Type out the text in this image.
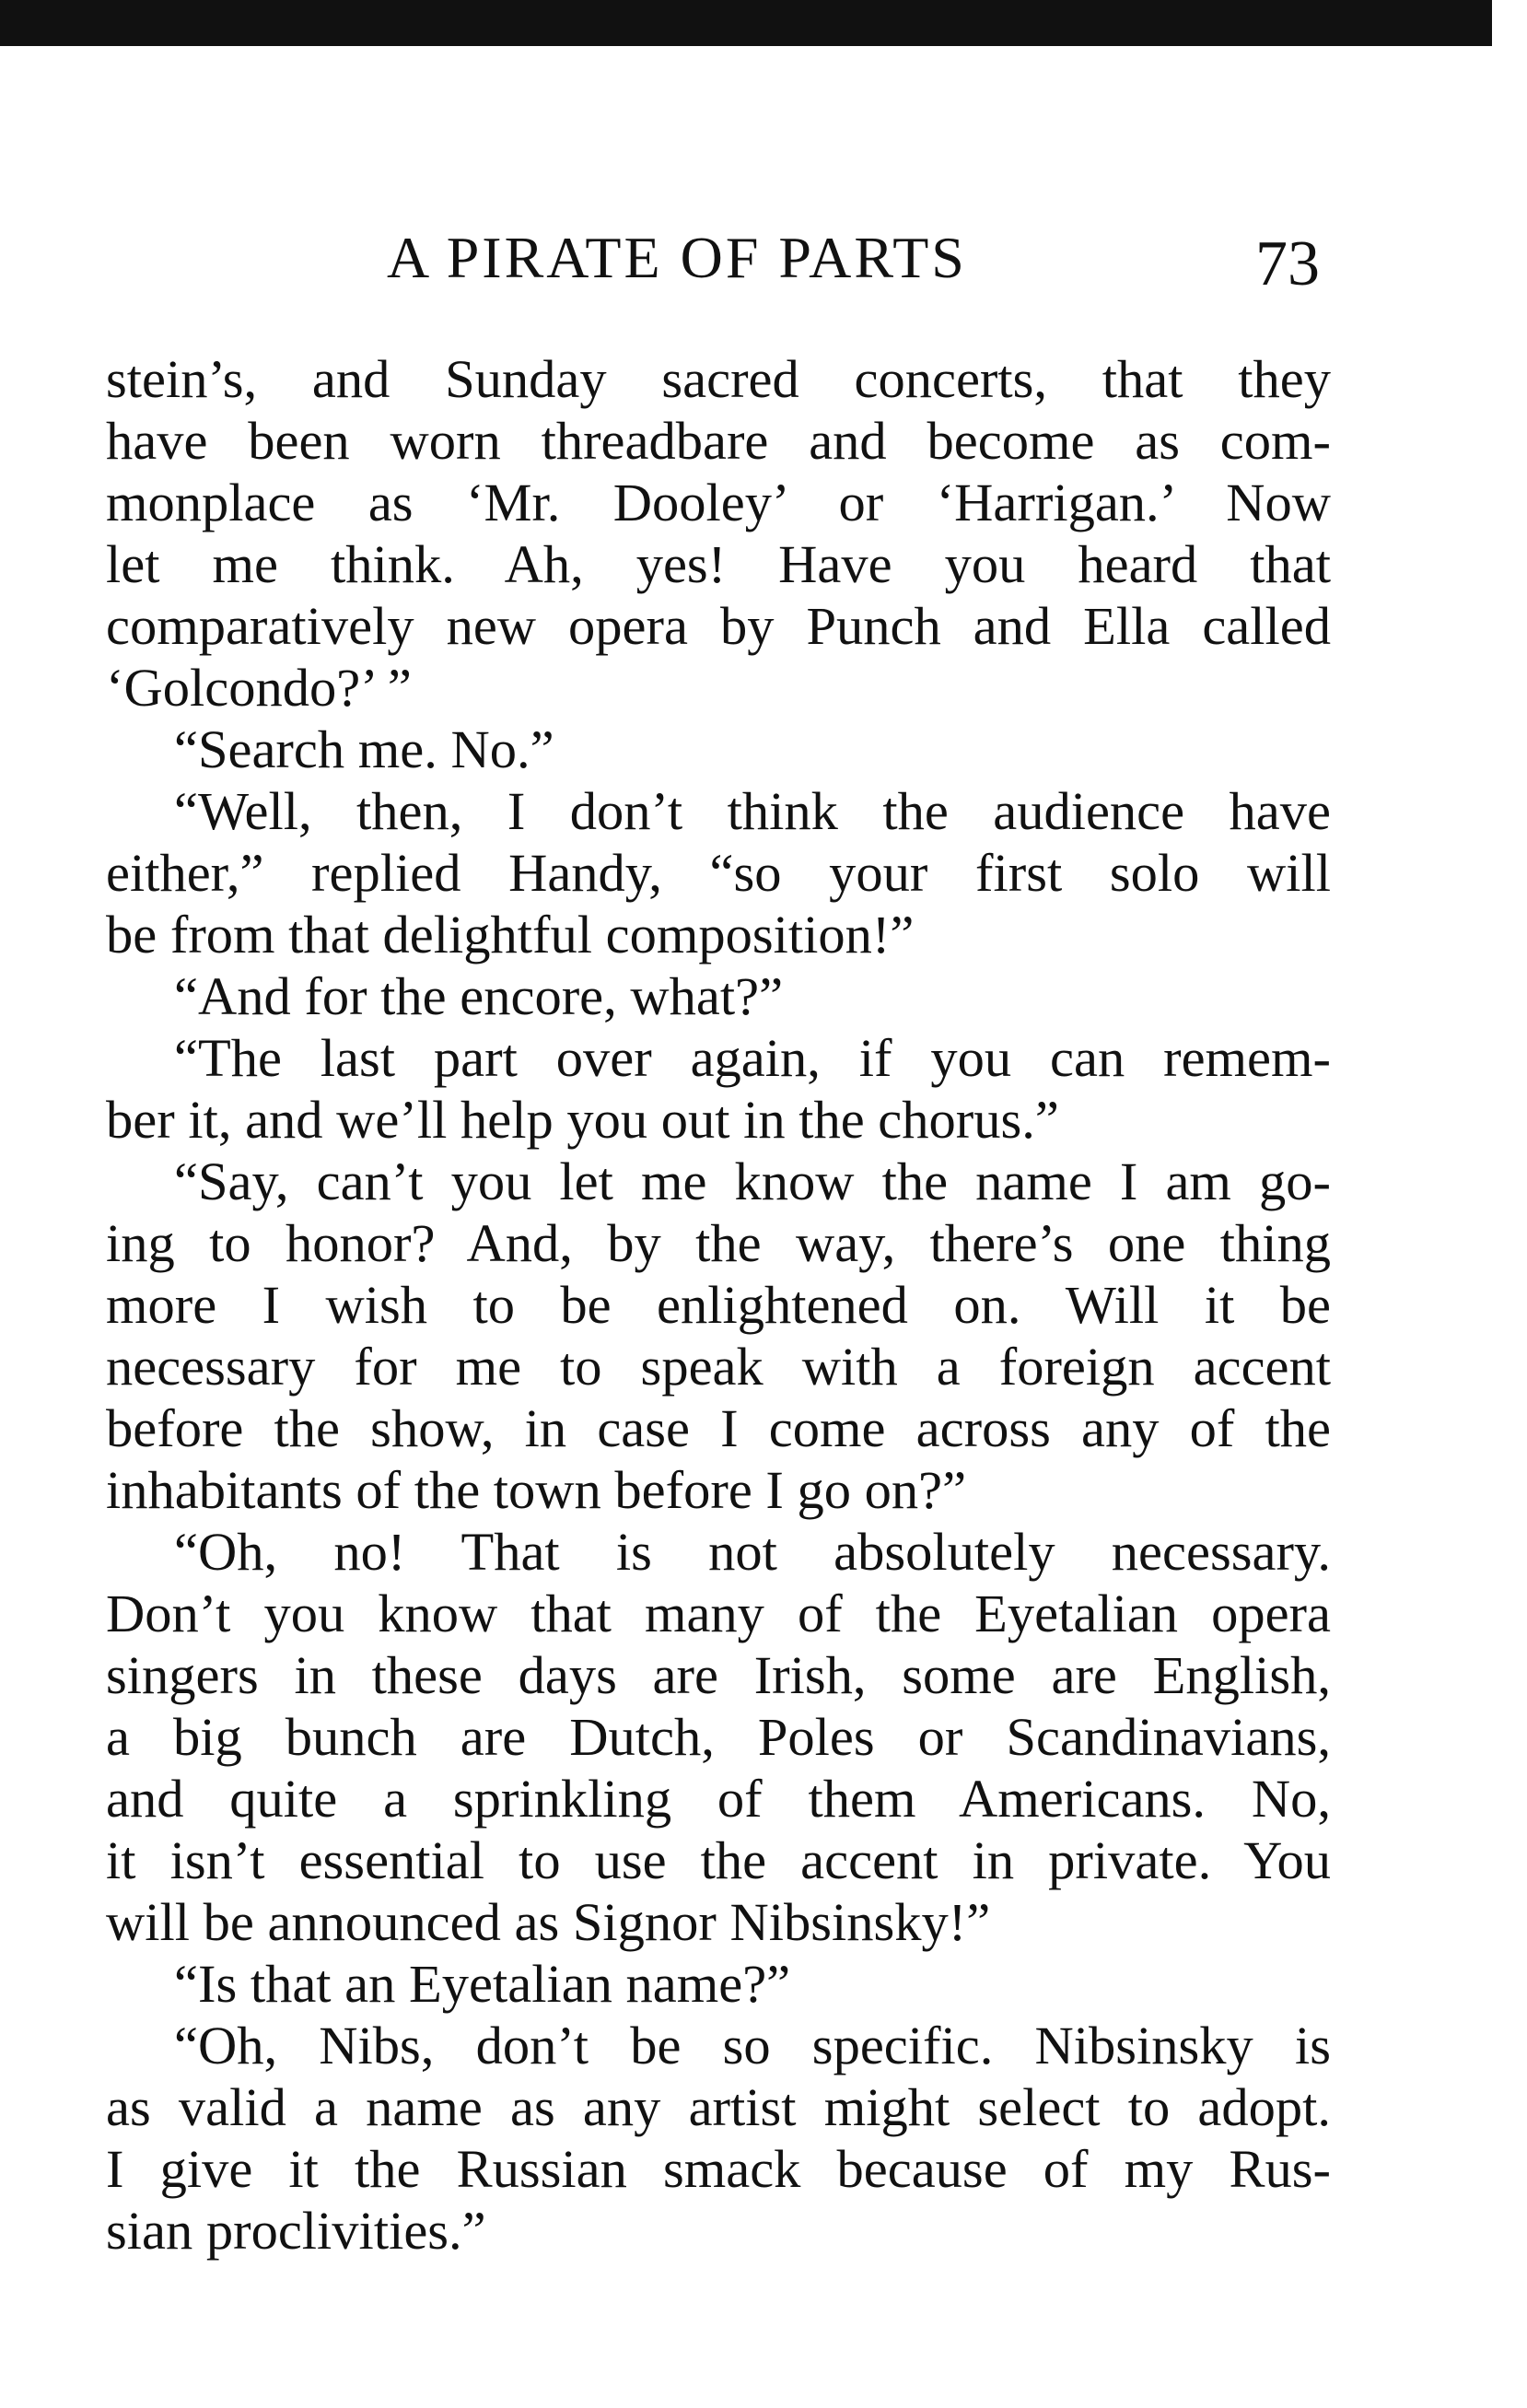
A PIRATE OF PARTS	73
stein’s, and Sunday sacred concerts, that they
have been worn threadbare and become as com-
monplace as ‘Mr. Dooley’ or ‘Harrigan.’ Now
let me think. Ah, yes! Have you heard that
comparatively new opera by Punch and Ella called
‘Golcondo?’ ”
“Search me. No.”
“Well, then, I don’t think the audience have
either,” replied Handy, “so your first solo will
be from that delightful composition!”
“And for the encore, what?”
“The last part over again, if you can remem-
ber it, and we’ll help you out in the chorus.”
“Say, can’t you let me know the name I am go-
ing to honor? And, by the way, there’s one thing
more I wish to be enlightened on. Will it be
necessary for me to speak with a foreign accent
before the show, in case I come across any of the
inhabitants of the town before I go on?”
“Oh, no! That is not absolutely necessary.
Don’t you know that many of the Eyetalian opera
singers in these days are Irish, some are English,
a big bunch are Dutch, Poles or Scandinavians,
and quite a sprinkling of them Americans. No,
it isn’t essential to use the accent in private. You
will be announced as Signor Nibsinsky!”
“Is that an Eyetalian name?”
“Oh, Nibs, don’t be so specific. Nibsinsky is
as valid a name as any artist might select to adopt.
I give it the Russian smack because of my Rus-
sian proclivities.”
